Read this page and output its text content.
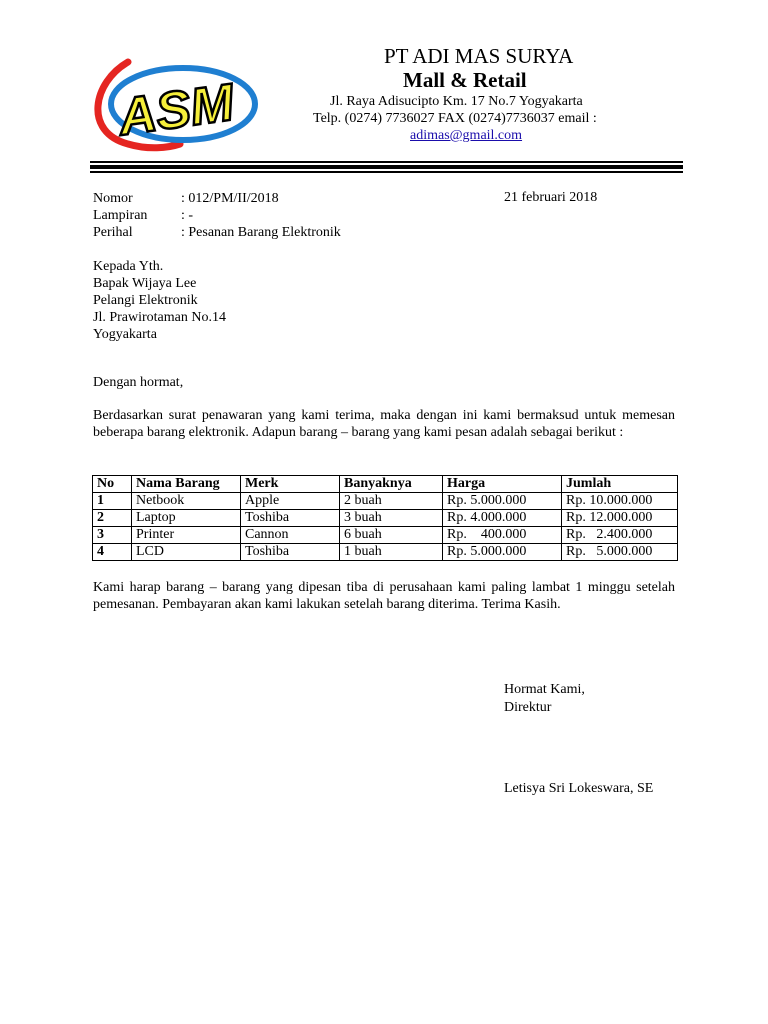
ASM
PT ADI MAS SURYA
Mall & Retail
Jl. Raya Adisucipto Km. 17 No.7 Yogyakarta
Telp. (0274) 7736027 FAX (0274)7736037 email :
adimas@gmail.com
Nomor	: 012/PM/II/2018
Lampiran	: -
Perihal	: Pesanan Barang Elektronik
21 februari 2018
Kepada Yth.
Bapak Wijaya Lee
Pelangi Elektronik
Jl. Prawirotaman No.14
Yogyakarta
Dengan hormat,
Berdasarkan surat penawaran yang kami terima, maka dengan ini kami bermaksud untuk memesan beberapa barang elektronik. Adapun barang – barang yang kami pesan adalah sebagai berikut :
No	Nama Barang	Merk	Banyaknya	Harga	Jumlah
1	Netbook	Apple	2 buah	Rp. 5.000.000	Rp. 10.000.000
2	Laptop	Toshiba	3 buah	Rp. 4.000.000	Rp. 12.000.000
3	Printer	Cannon	6 buah	Rp.    400.000	Rp.   2.400.000
4	LCD	Toshiba	1 buah	Rp. 5.000.000	Rp.   5.000.000
Kami harap barang – barang yang dipesan tiba di perusahaan kami paling lambat 1 minggu setelah pemesanan. Pembayaran akan kami lakukan setelah barang diterima. Terima Kasih.
Hormat Kami,
Direktur
Letisya Sri Lokeswara, SE
